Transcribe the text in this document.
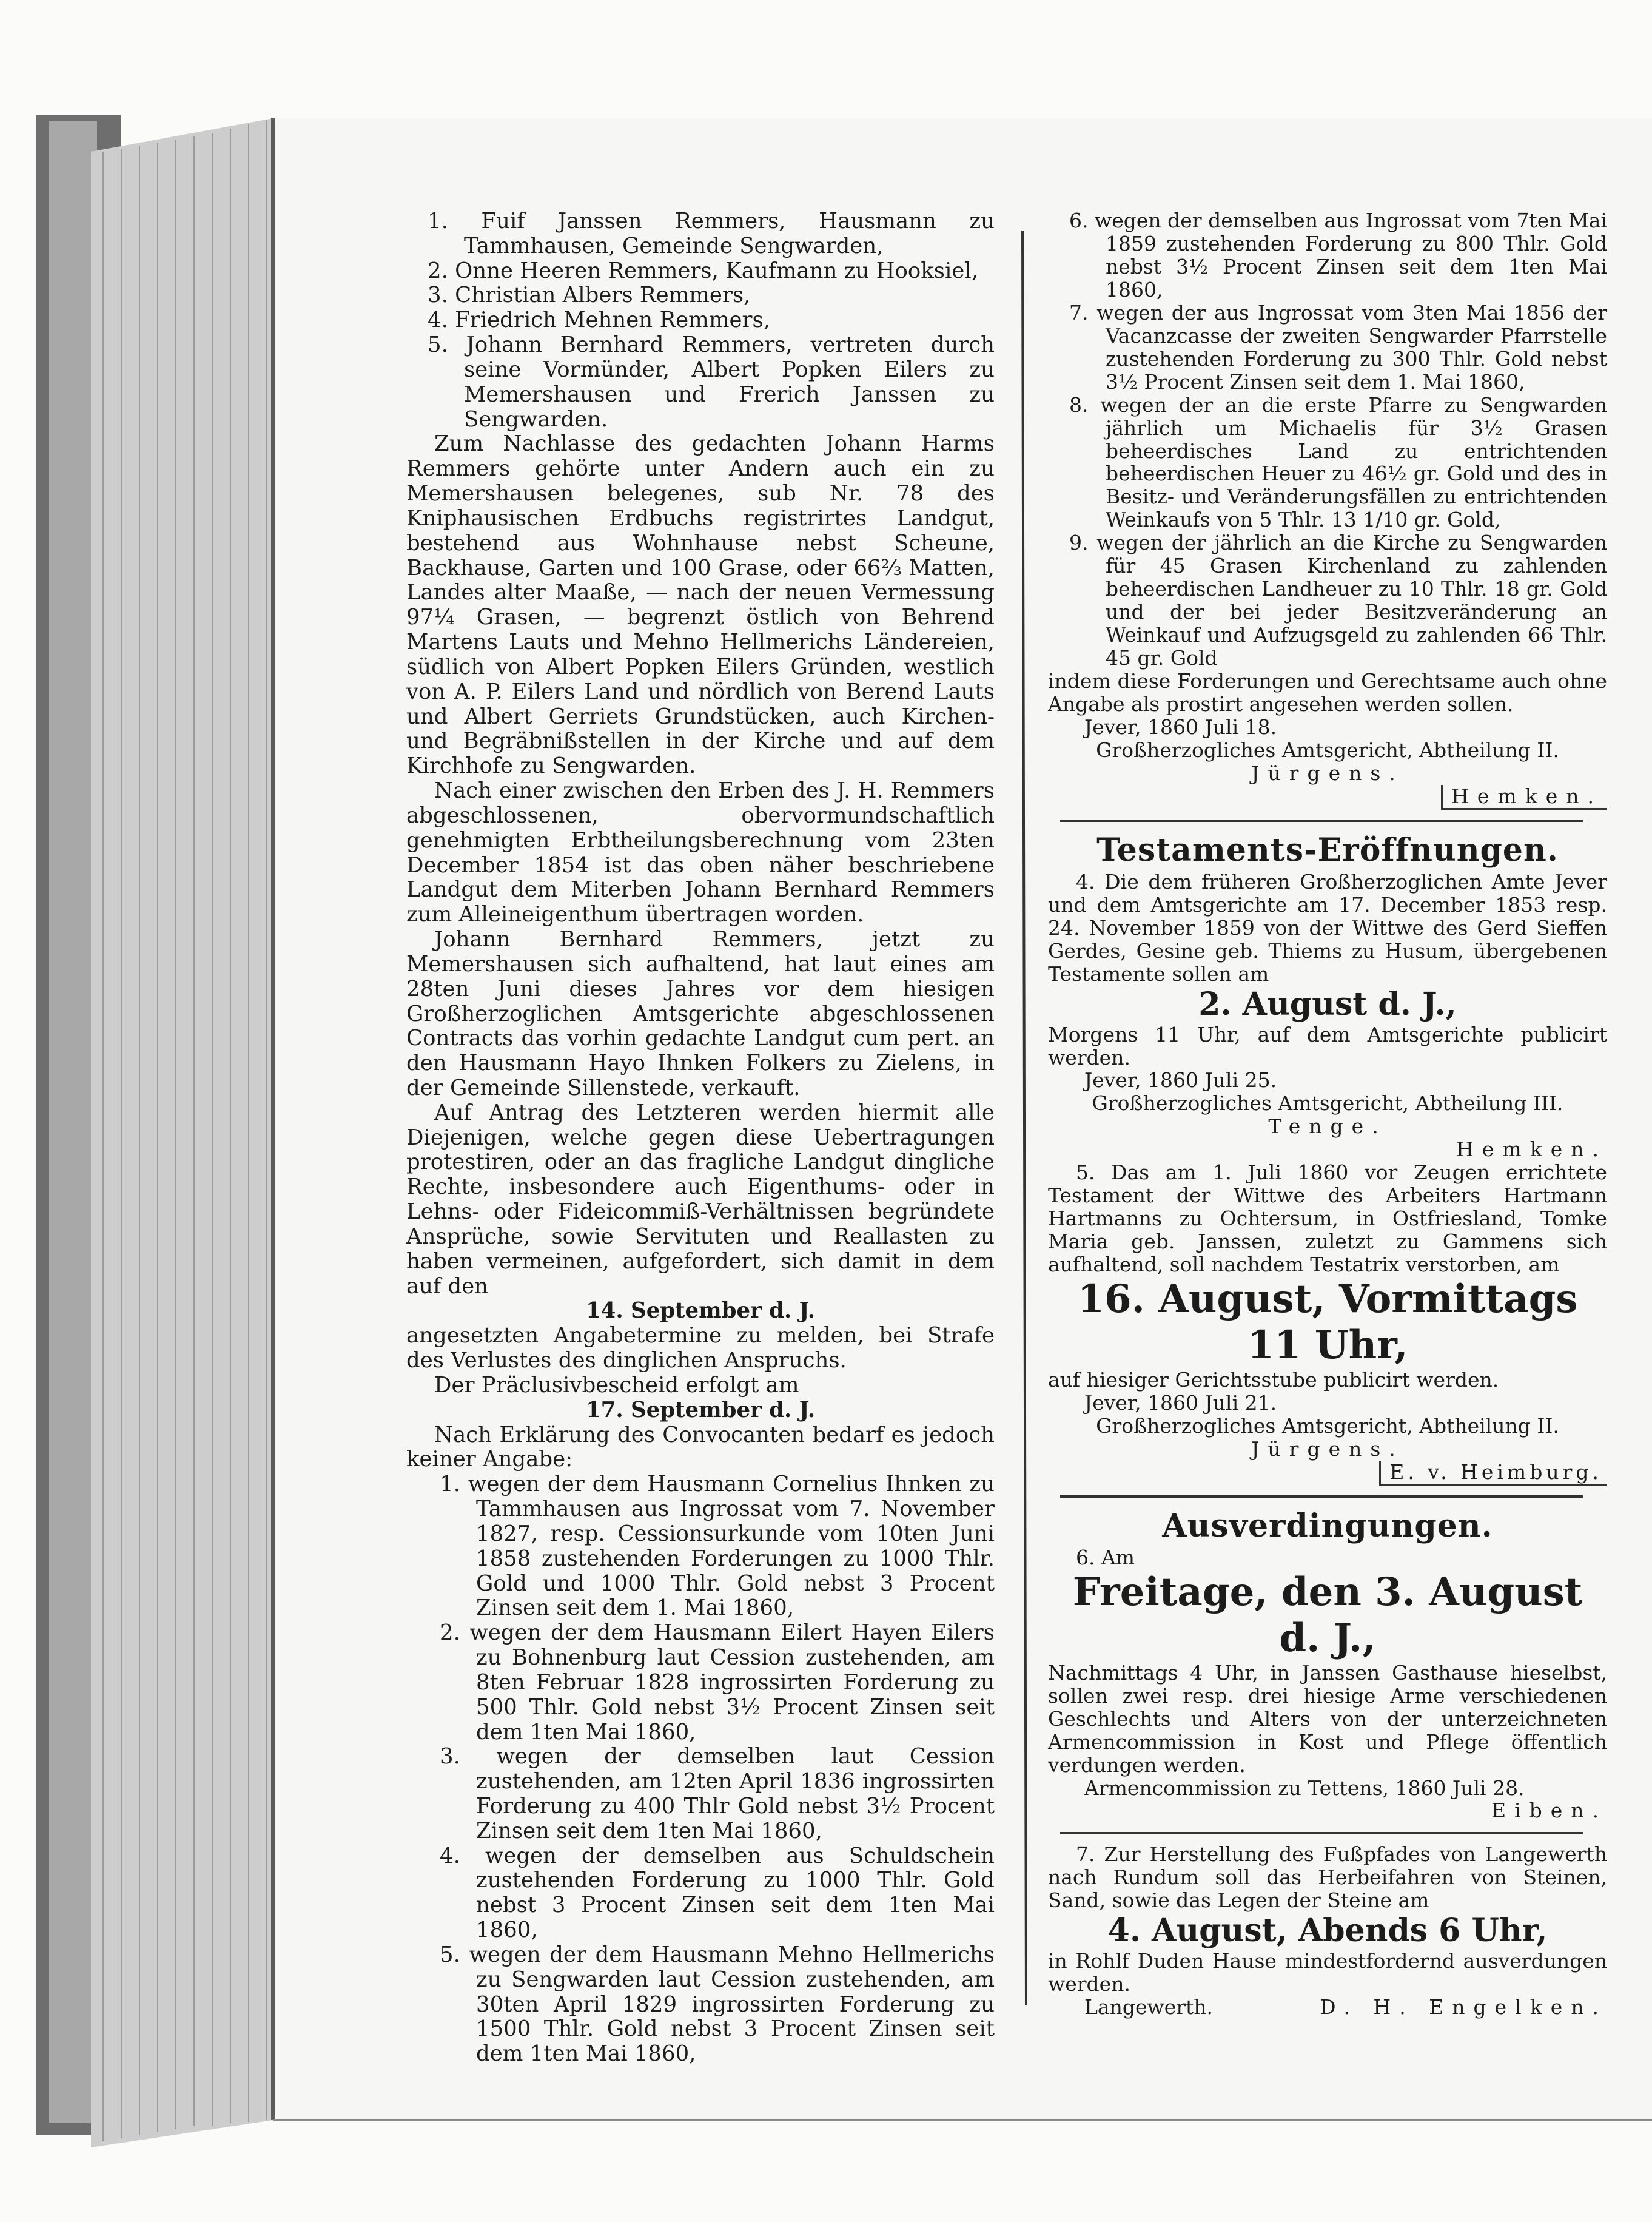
1. Fuif Janssen Remmers, Hausmann zu Tammhausen, Gemeinde Sengwarden,

2. Onne Heeren Remmers, Kaufmann zu Hooksiel,

3. Christian Albers Remmers,

4. Friedrich Mehnen Remmers,

5. Johann Bernhard Remmers, vertreten durch seine Vormünder, Albert Popken Eilers zu Memershausen und Frerich Janssen zu Sengwarden.

Zum Nachlasse des gedachten Johann Harms Remmers gehörte unter Andern auch ein zu Memershausen belegenes, sub Nr. 78 des Kniphausischen Erdbuchs registrirtes Landgut, bestehend aus Wohnhause nebst Scheune, Backhause, Garten und 100 Grase, oder 66⅔ Matten, Landes alter Maaße, — nach der neuen Vermessung 97¼ Grasen, — begrenzt östlich von Behrend Martens Lauts und Mehno Hellmerichs Ländereien, südlich von Albert Popken Eilers Gründen, westlich von A. P. Eilers Land und nördlich von Berend Lauts und Albert Gerriets Grundstücken, auch Kirchen- und Begräbnißstellen in der Kirche und auf dem Kirchhofe zu Sengwarden.

Nach einer zwischen den Erben des J. H. Remmers abgeschlossenen, obervormundschaftlich genehmigten Erbtheilungsberechnung vom 23ten December 1854 ist das oben näher beschriebene Landgut dem Miterben Johann Bernhard Remmers zum Alleineigenthum übertragen worden.

Johann Bernhard Remmers, jetzt zu Memershausen sich aufhaltend, hat laut eines am 28ten Juni dieses Jahres vor dem hiesigen Großherzoglichen Amtsgerichte abgeschlossenen Contracts das vorhin gedachte Landgut cum pert. an den Hausmann Hayo Ihnken Folkers zu Zielens, in der Gemeinde Sillenstede, verkauft.

Auf Antrag des Letzteren werden hiermit alle Diejenigen, welche gegen diese Uebertragungen protestiren, oder an das fragliche Landgut dingliche Rechte, insbesondere auch Eigenthums- oder in Lehns- oder Fideicommiß-Verhältnissen begründete Ansprüche, sowie Servituten und Reallasten zu haben vermeinen, aufgefordert, sich damit in dem auf den

14. September d. J.

angesetzten Angabetermine zu melden, bei Strafe des Verlustes des dinglichen Anspruchs.

Der Präclusivbescheid erfolgt am

17. September d. J.

Nach Erklärung des Convocanten bedarf es jedoch keiner Angabe:

1. wegen der dem Hausmann Cornelius Ihnken zu Tammhausen aus Ingrossat vom 7. November 1827, resp. Cessionsurkunde vom 10ten Juni 1858 zustehenden Forderungen zu 1000 Thlr. Gold und 1000 Thlr. Gold nebst 3 Procent Zinsen seit dem 1. Mai 1860,

2. wegen der dem Hausmann Eilert Hayen Eilers zu Bohnenburg laut Cession zustehenden, am 8ten Februar 1828 ingrossirten Forderung zu 500 Thlr. Gold nebst 3½ Procent Zinsen seit dem 1ten Mai 1860,

3. wegen der demselben laut Cession zustehenden, am 12ten April 1836 ingrossirten Forderung zu 400 Thlr Gold nebst 3½ Procent Zinsen seit dem 1ten Mai 1860,

4. wegen der demselben aus Schuldschein zustehenden Forderung zu 1000 Thlr. Gold nebst 3 Procent Zinsen seit dem 1ten Mai 1860,

5. wegen der dem Hausmann Mehno Hellmerichs zu Sengwarden laut Cession zustehenden, am 30ten April 1829 ingrossirten Forderung zu 1500 Thlr. Gold nebst 3 Procent Zinsen seit dem 1ten Mai 1860,

6. wegen der demselben aus Ingrossat vom 7ten Mai 1859 zustehenden Forderung zu 800 Thlr. Gold nebst 3½ Procent Zinsen seit dem 1ten Mai 1860,

7. wegen der aus Ingrossat vom 3ten Mai 1856 der Vacanzcasse der zweiten Sengwarder Pfarrstelle zustehenden Forderung zu 300 Thlr. Gold nebst 3½ Procent Zinsen seit dem 1. Mai 1860,

8. wegen der an die erste Pfarre zu Sengwarden jährlich um Michaelis für 3½ Grasen beheerdisches Land zu entrichtenden beheerdischen Heuer zu 46½ gr. Gold und des in Besitz- und Veränderungsfällen zu entrichtenden Weinkaufs von 5 Thlr. 13 1/10 gr. Gold,

9. wegen der jährlich an die Kirche zu Sengwarden für 45 Grasen Kirchenland zu zahlenden beheerdischen Landheuer zu 10 Thlr. 18 gr. Gold und der bei jeder Besitzveränderung an Weinkauf und Aufzugsgeld zu zahlenden 66 Thlr. 45 gr. Gold

indem diese Forderungen und Gerechtsame auch ohne Angabe als prostirt angesehen werden sollen.

Jever, 1860 Juli 18.

Großherzogliches Amtsgericht, Abtheilung II.

Jürgens.

Hemken.

Testaments-Eröffnungen.

4. Die dem früheren Großherzoglichen Amte Jever und dem Amtsgerichte am 17. December 1853 resp. 24. November 1859 von der Wittwe des Gerd Sieffen Gerdes, Gesine geb. Thiems zu Husum, übergebenen Testamente sollen am

2. August d. J.,

Morgens 11 Uhr, auf dem Amtsgerichte publicirt werden.

Jever, 1860 Juli 25.

Großherzogliches Amtsgericht, Abtheilung III.

Tenge.

Hemken.

5. Das am 1. Juli 1860 vor Zeugen errichtete Testament der Wittwe des Arbeiters Hartmann Hartmanns zu Ochtersum, in Ostfriesland, Tomke Maria geb. Janssen, zuletzt zu Gammens sich aufhaltend, soll nachdem Testatrix verstorben, am

16. August, Vormittags 11 Uhr,

auf hiesiger Gerichtsstube publicirt werden.

Jever, 1860 Juli 21.

Großherzogliches Amtsgericht, Abtheilung II.

Jürgens.

E. v. Heimburg.

Ausverdingungen.

6. Am

Freitage, den 3. August d. J.,

Nachmittags 4 Uhr, in Janssen Gasthause hieselbst, sollen zwei resp. drei hiesige Arme verschiedenen Geschlechts und Alters von der unterzeichneten Armencommission in Kost und Pflege öffentlich verdungen werden.

Armencommission zu Tettens, 1860 Juli 28.

Eiben.

7. Zur Herstellung des Fußpfades von Langewerth nach Rundum soll das Herbeifahren von Steinen, Sand, sowie das Legen der Steine am

4. August, Abends 6 Uhr,

in Rohlf Duden Hause mindestfordernd ausverdungen werden.

Langewerth.	D. H. Engelken.
